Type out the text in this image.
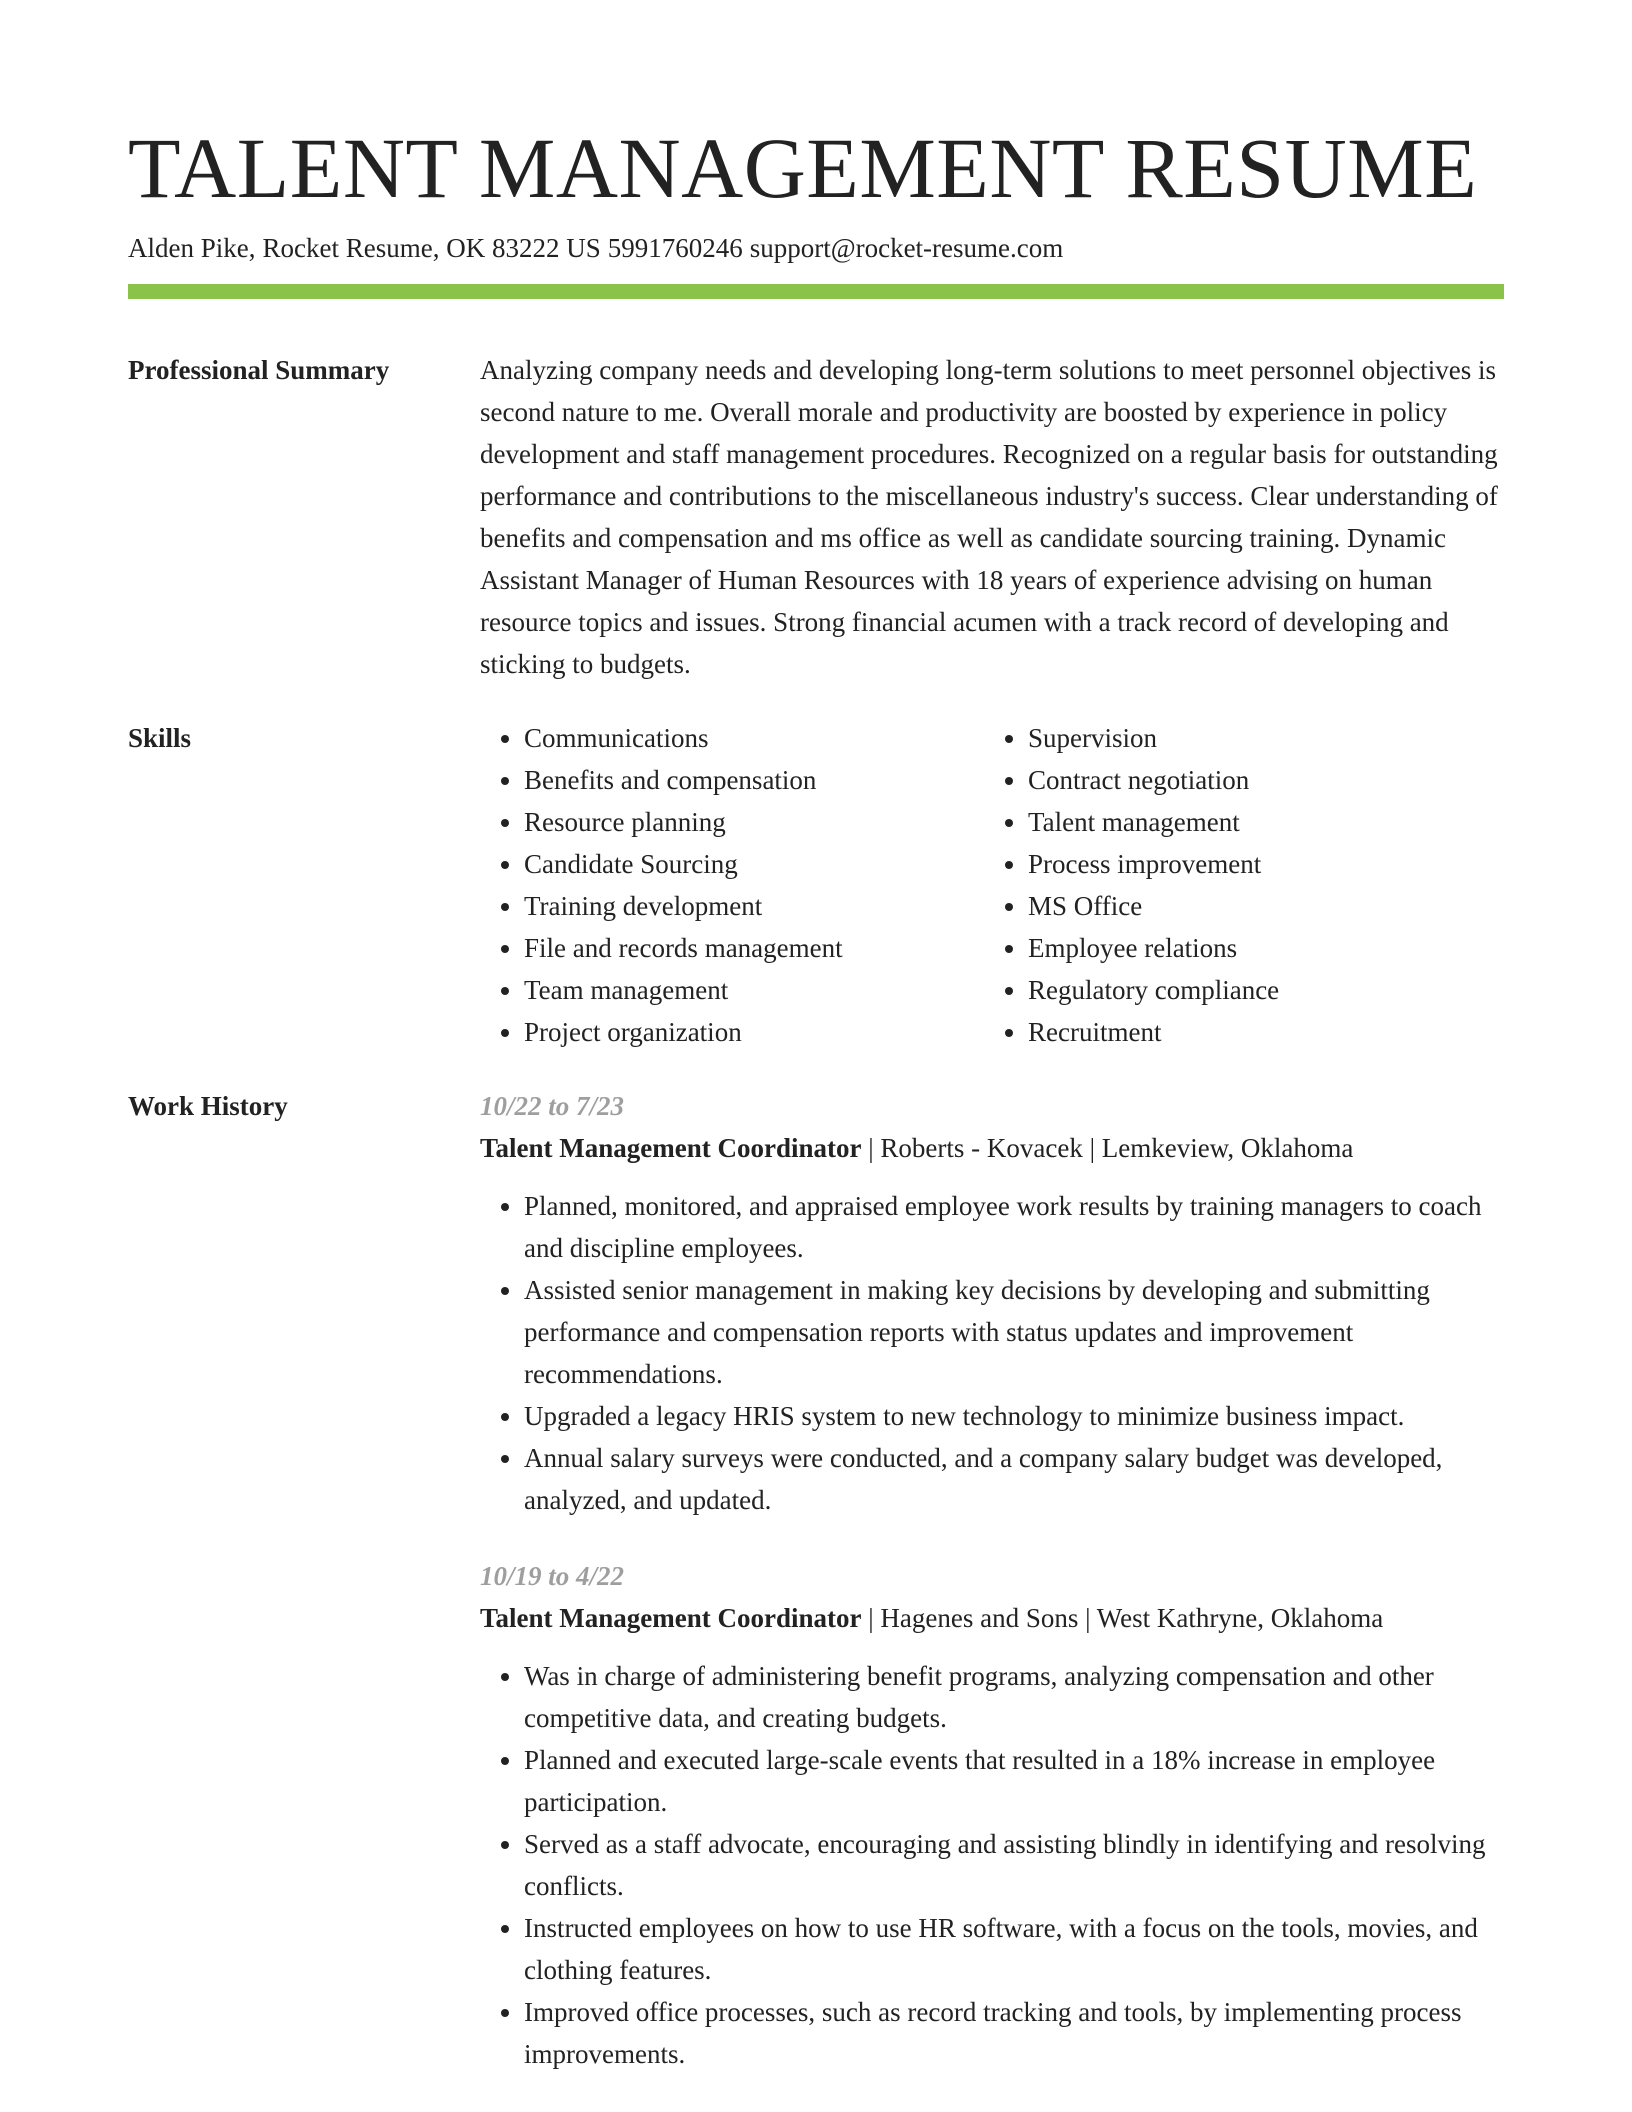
TALENT MANAGEMENT RESUME
Alden Pike, Rocket Resume, OK 83222 US 5991760246 support@rocket-resume.com
Professional Summary	Analyzing company needs and developing long-term solutions to meet personnel objectives is second nature to me. Overall morale and productivity are boosted by experience in policy development and staff management procedures. Recognized on a regular basis for outstanding performance and contributions to the miscellaneous industry's success. Clear understanding of benefits and compensation and ms office as well as candidate sourcing training. Dynamic Assistant Manager of Human Resources with 18 years of experience advising on human resource topics and issues. Strong financial acumen with a track record of developing and sticking to budgets.
Skills
•	Communications
• Benefits and compensation
• Resource planning
• Candidate Sourcing
• Training development
• File and records management
• Team management
• Project organization
• Supervision
• Contract negotiation
• Talent management
• Process improvement
• MS Office
• Employee relations
• Regulatory compliance
• Recruitment
Work History	10/22 to 7/23
Talent Management Coordinator | Roberts - Kovacek | Lemkeview, Oklahoma
• Planned, monitored, and appraised employee work results by training managers to coach and discipline employees.
• Assisted senior management in making key decisions by developing and submitting performance and compensation reports with status updates and improvement recommendations.
• Upgraded a legacy HRIS system to new technology to minimize business impact.
• Annual salary surveys were conducted, and a company salary budget was developed, analyzed, and updated.
10/19 to 4/22
Talent Management Coordinator | Hagenes and Sons | West Kathryne, Oklahoma
• Was in charge of administering benefit programs, analyzing compensation and other competitive data, and creating budgets.
• Planned and executed large-scale events that resulted in a 18% increase in employee participation.
• Served as a staff advocate, encouraging and assisting blindly in identifying and resolving conflicts.
• Instructed employees on how to use HR software, with a focus on the tools, movies, and clothing features.
• Improved office processes, such as record tracking and tools, by implementing process improvements.
